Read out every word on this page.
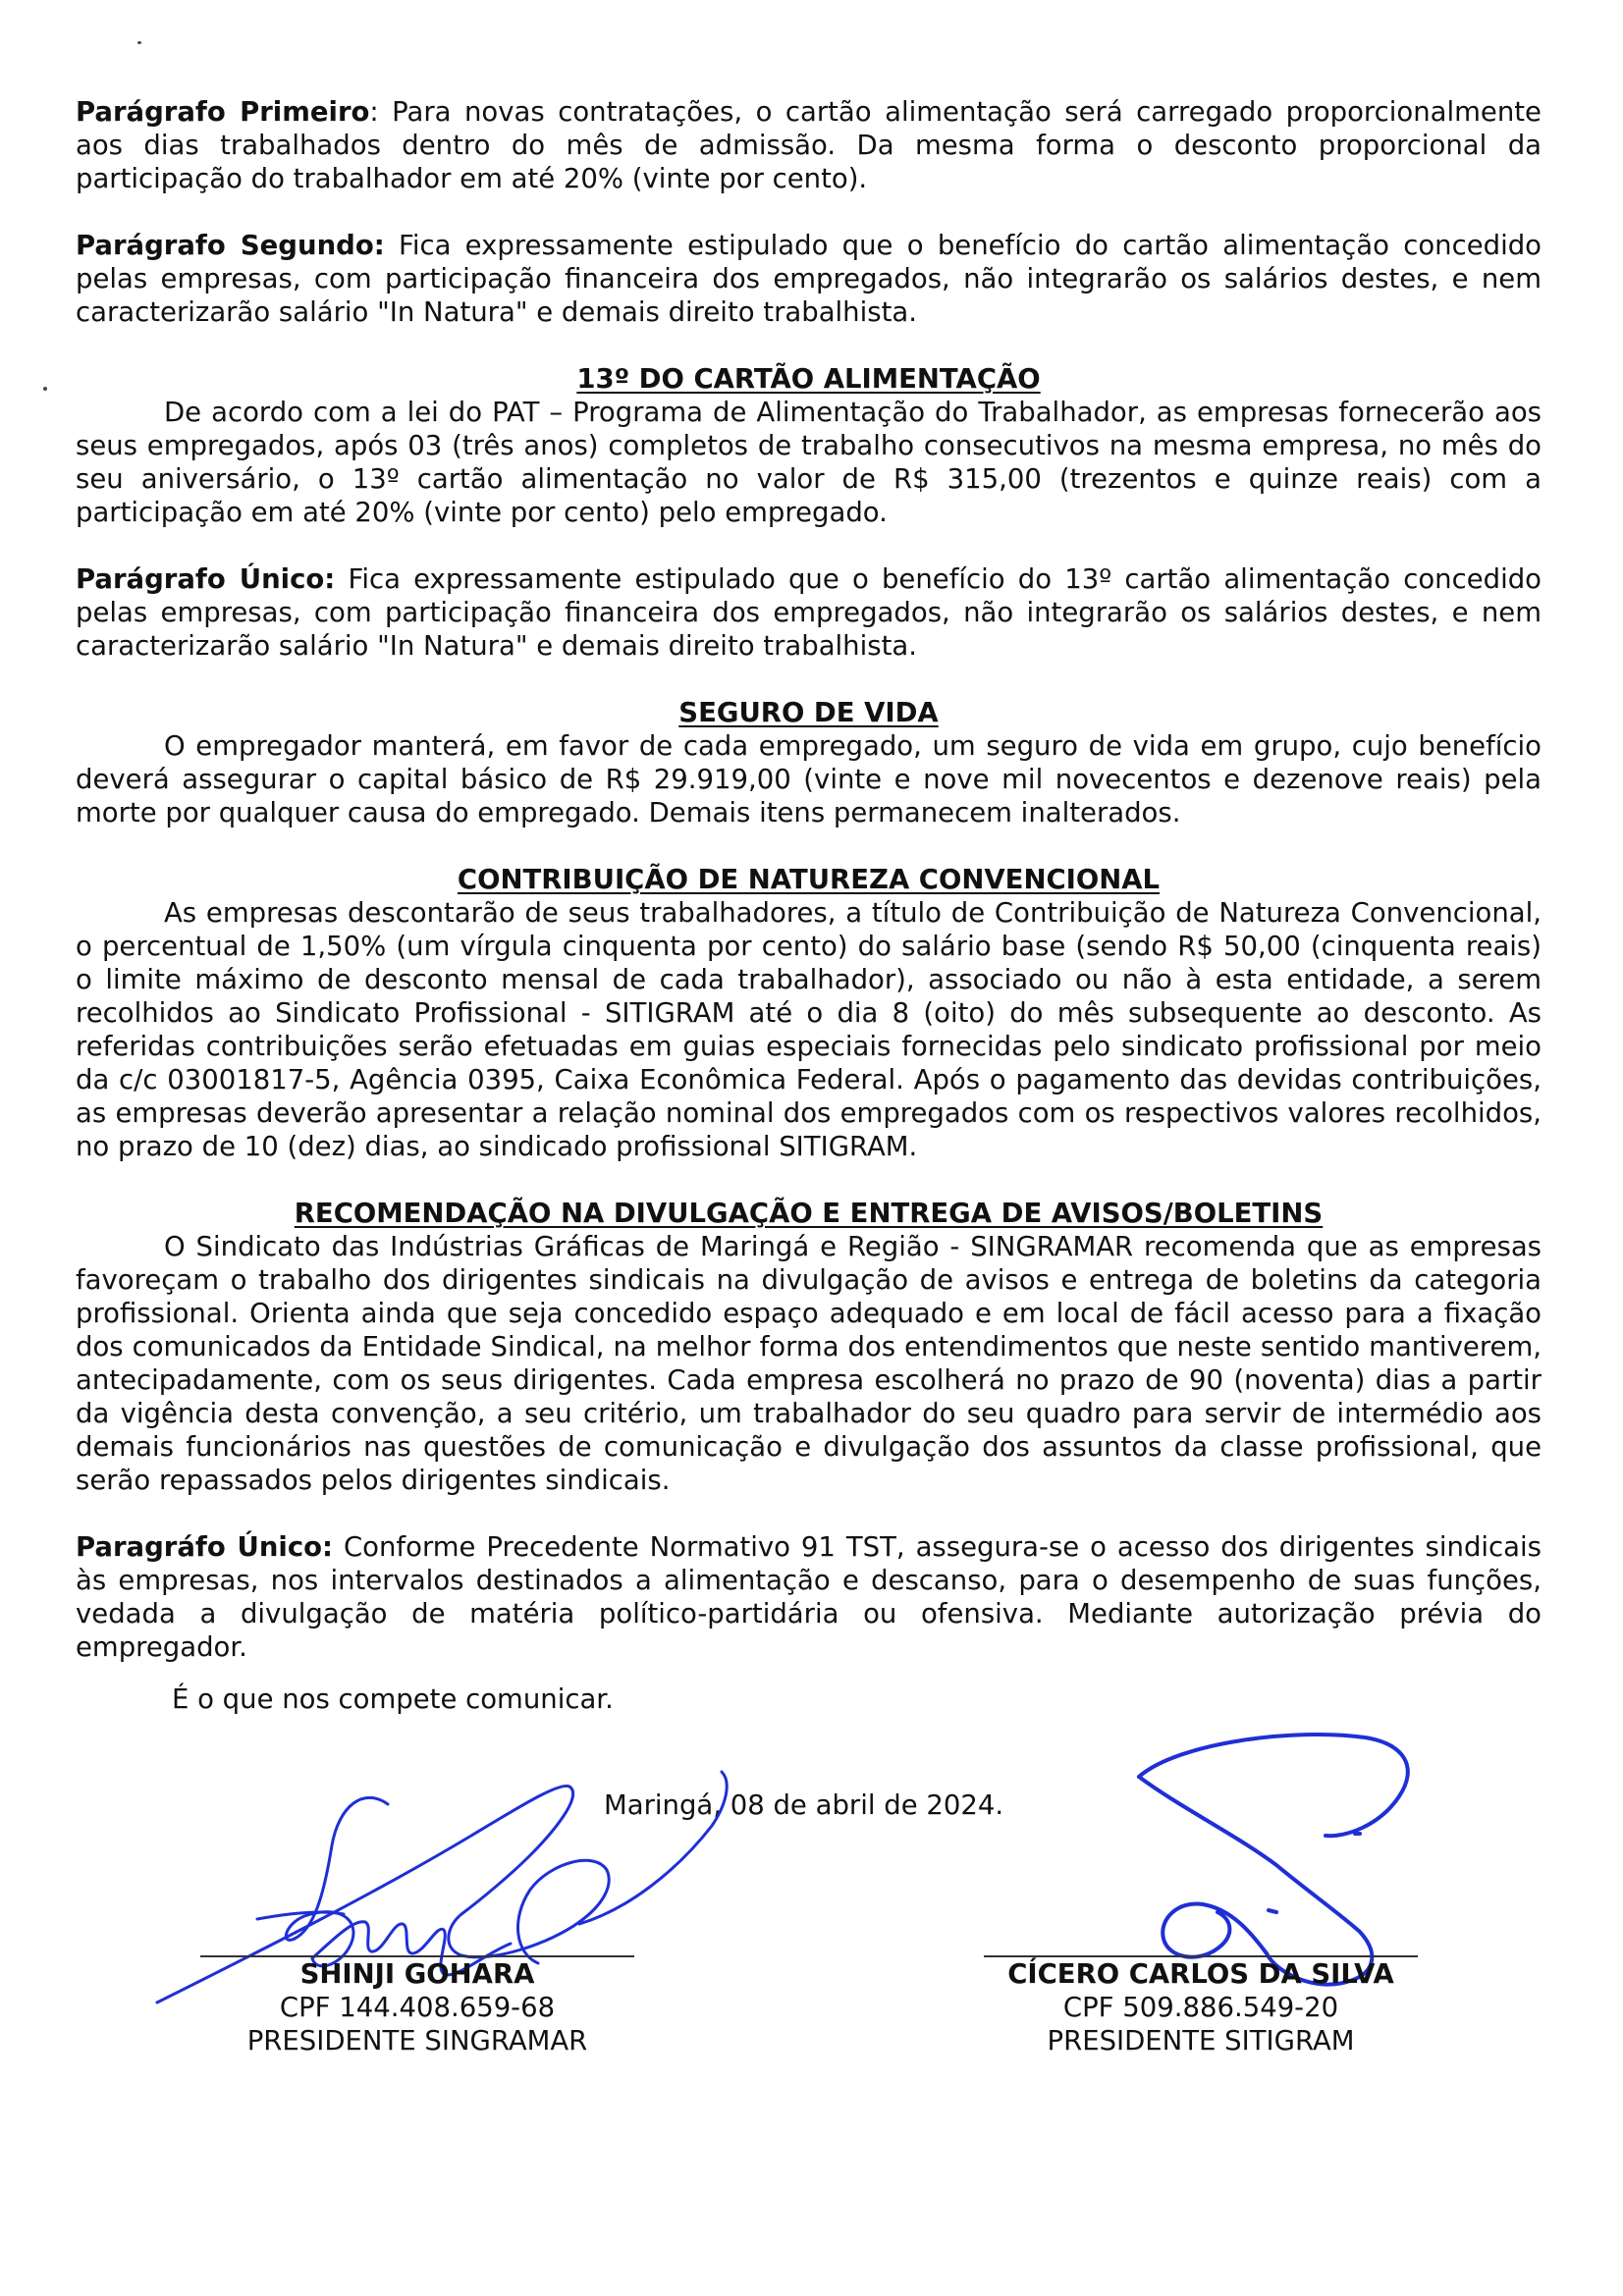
Parágrafo Primeiro: Para novas contratações, o cartão alimentação será carregado proporcionalmente aos dias trabalhados dentro do mês de admissão. Da mesma forma o desconto proporcional da participação do trabalhador em até 20% (vinte por cento).

Parágrafo Segundo: Fica expressamente estipulado que o benefício do cartão alimentação concedido pelas empresas, com participação financeira dos empregados, não integrarão os salários destes, e nem caracterizarão salário "In Natura" e demais direito trabalhista.

13º DO CARTÃO ALIMENTAÇÃO

De acordo com a lei do PAT – Programa de Alimentação do Trabalhador, as empresas fornecerão aos seus empregados, após 03 (três anos) completos de trabalho consecutivos na mesma empresa, no mês do seu aniversário, o 13º cartão alimentação no valor de R$ 315,00 (trezentos e quinze reais) com a participação em até 20% (vinte por cento) pelo empregado.

Parágrafo Único: Fica expressamente estipulado que o benefício do 13º cartão alimentação concedido pelas empresas, com participação financeira dos empregados, não integrarão os salários destes, e nem caracterizarão salário "In Natura" e demais direito trabalhista.

SEGURO DE VIDA

O empregador manterá, em favor de cada empregado, um seguro de vida em grupo, cujo benefício deverá assegurar o capital básico de R$ 29.919,00 (vinte e nove mil novecentos e dezenove reais) pela morte por qualquer causa do empregado. Demais itens permanecem inalterados.

CONTRIBUIÇÃO DE NATUREZA CONVENCIONAL

As empresas descontarão de seus trabalhadores, a título de Contribuição de Natureza Convencional, o percentual de 1,50% (um vírgula cinquenta por cento) do salário base (sendo R$ 50,00 (cinquenta reais) o limite máximo de desconto mensal de cada trabalhador), associado ou não à esta entidade, a serem recolhidos ao Sindicato Profissional - SITIGRAM até o dia 8 (oito) do mês subsequente ao desconto. As referidas contribuições serão efetuadas em guias especiais fornecidas pelo sindicato profissional por meio da c/c 03001817-5, Agência 0395, Caixa Econômica Federal. Após o pagamento das devidas contribuições, as empresas deverão apresentar a relação nominal dos empregados com os respectivos valores recolhidos, no prazo de 10 (dez) dias, ao sindicado profissional SITIGRAM.

RECOMENDAÇÃO NA DIVULGAÇÃO E ENTREGA DE AVISOS/BOLETINS

O Sindicato das Indústrias Gráficas de Maringá e Região - SINGRAMAR recomenda que as empresas favoreçam o trabalho dos dirigentes sindicais na divulgação de avisos e entrega de boletins da categoria profissional. Orienta ainda que seja concedido espaço adequado e em local de fácil acesso para a fixação dos comunicados da Entidade Sindical, na melhor forma dos entendimentos que neste sentido mantiverem, antecipadamente, com os seus dirigentes. Cada empresa escolherá no prazo de 90 (noventa) dias a partir da vigência desta convenção, a seu critério, um trabalhador do seu quadro para servir de intermédio aos demais funcionários nas questões de comunicação e divulgação dos assuntos da classe profissional, que serão repassados pelos dirigentes sindicais.

Paragráfo Único: Conforme Precedente Normativo 91 TST, assegura-se o acesso dos dirigentes sindicais às empresas, nos intervalos destinados a alimentação e descanso, para o desempenho de suas funções, vedada a divulgação de matéria político-partidária ou ofensiva. Mediante autorização prévia do empregador.

É o que nos compete comunicar.
Maringá, 08 de abril de 2024.
SHINJI GOHARA
CPF 144.408.659-68
PRESIDENTE SINGRAMAR
CÍCERO CARLOS DA SILVA
CPF 509.886.549-20
PRESIDENTE SITIGRAM
